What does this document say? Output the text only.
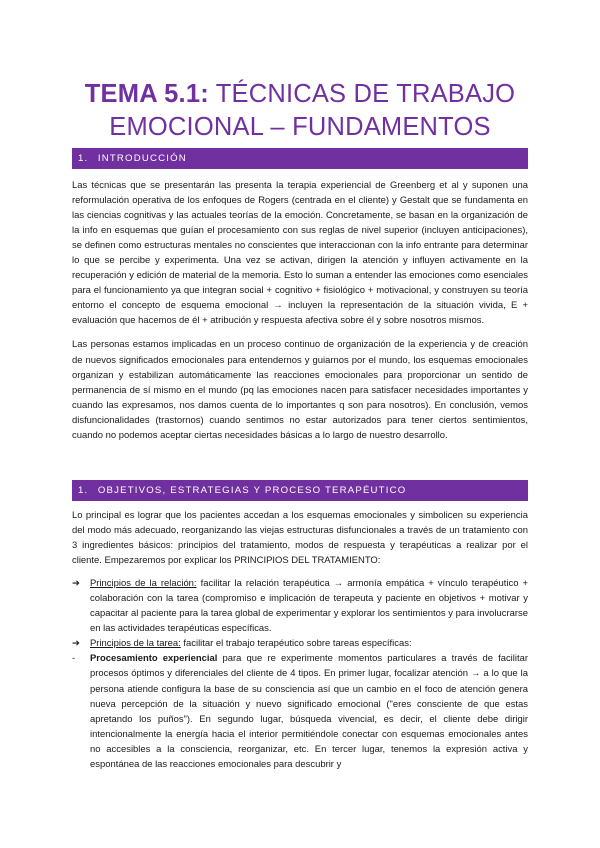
TEMA 5.1: TÉCNICAS DE TRABAJO
EMOCIONAL – FUNDAMENTOS
1. INTRODUCCIÓN

Las técnicas que se presentarán las presenta la terapia experiencial de Greenberg et al y suponen una reformulación operativa de los enfoques de Rogers (centrada en el cliente) y Gestalt que se fundamenta en las ciencias cognitivas y las actuales teorías de la emoción. Concretamente, se basan en la organización de la info en esquemas que guían el procesamiento con sus reglas de nivel superior (incluyen anticipaciones), se definen como estructuras mentales no conscientes que interaccionan con la info entrante para determinar lo que se percibe y experimenta. Una vez se activan, dirigen la atención y influyen activamente en la recuperación y edición de material de la memoria. Esto lo suman a entender las emociones como esenciales para el funcionamiento ya que integran social + cognitivo + fisiológico + motivacional, y construyen su teoría entorno el concepto de esquema emocional → incluyen la representación de la situación vivida, E + evaluación que hacemos de él + atribución y respuesta afectiva sobre él y sobre nosotros mismos.

Las personas estamos implicadas en un proceso continuo de organización de la experiencia y de creación de nuevos significados emocionales para entendernos y guiarnos por el mundo, los esquemas emocionales organizan y estabilizan automáticamente las reacciones emocionales para proporcionar un sentido de permanencia de sí mismo en el mundo (pq las emociones nacen para satisfacer necesidades importantes y cuando las expresamos, nos damos cuenta de lo importantes q son para nosotros). En conclusión, vemos disfuncionalidades (trastornos) cuando sentimos no estar autorizados para tener ciertos sentimientos, cuando no podemos aceptar ciertas necesidades básicas a lo largo de nuestro desarrollo.

1. OBJETIVOS, ESTRATEGIAS Y PROCESO TERAPÉUTICO

Lo principal es lograr que los pacientes accedan a los esquemas emocionales y simbolicen su experiencia del modo más adecuado, reorganizando las viejas estructuras disfuncionales a través de un tratamiento con 3 ingredientes básicos: principios del tratamiento, modos de respuesta y terapéuticas a realizar por el cliente. Empezaremos por explicar los PRINCIPIOS DEL TRATAMIENTO:

➔ Principios de la relación: facilitar la relación terapéutica → armonía empática + vínculo terapéutico + colaboración con la tarea (compromiso e implicación de terapeuta y paciente en objetivos + motivar y capacitar al paciente para la tarea global de experimentar y explorar los sentimientos y para involucrarse en las actividades terapéuticas específicas.
➔ Principios de la tarea: facilitar el trabajo terapéutico sobre tareas específicas:
- Procesamiento experiencial para que re experimente momentos particulares a través de facilitar procesos óptimos y diferenciales del cliente de 4 tipos. En primer lugar, focalizar atención → a lo que la persona atiende configura la base de su consciencia así que un cambio en el foco de atención genera nueva percepción de la situación y nuevo significado emocional ("eres consciente de que estas apretando los puños"). En segundo lugar, búsqueda vivencial, es decir, el cliente debe dirigir intencionalmente la energía hacia el interior permitiéndole conectar con esquemas emocionales antes no accesibles a la consciencia, reorganizar, etc. En tercer lugar, tenemos la expresión activa y espontánea de las reacciones emocionales para descubrir y
